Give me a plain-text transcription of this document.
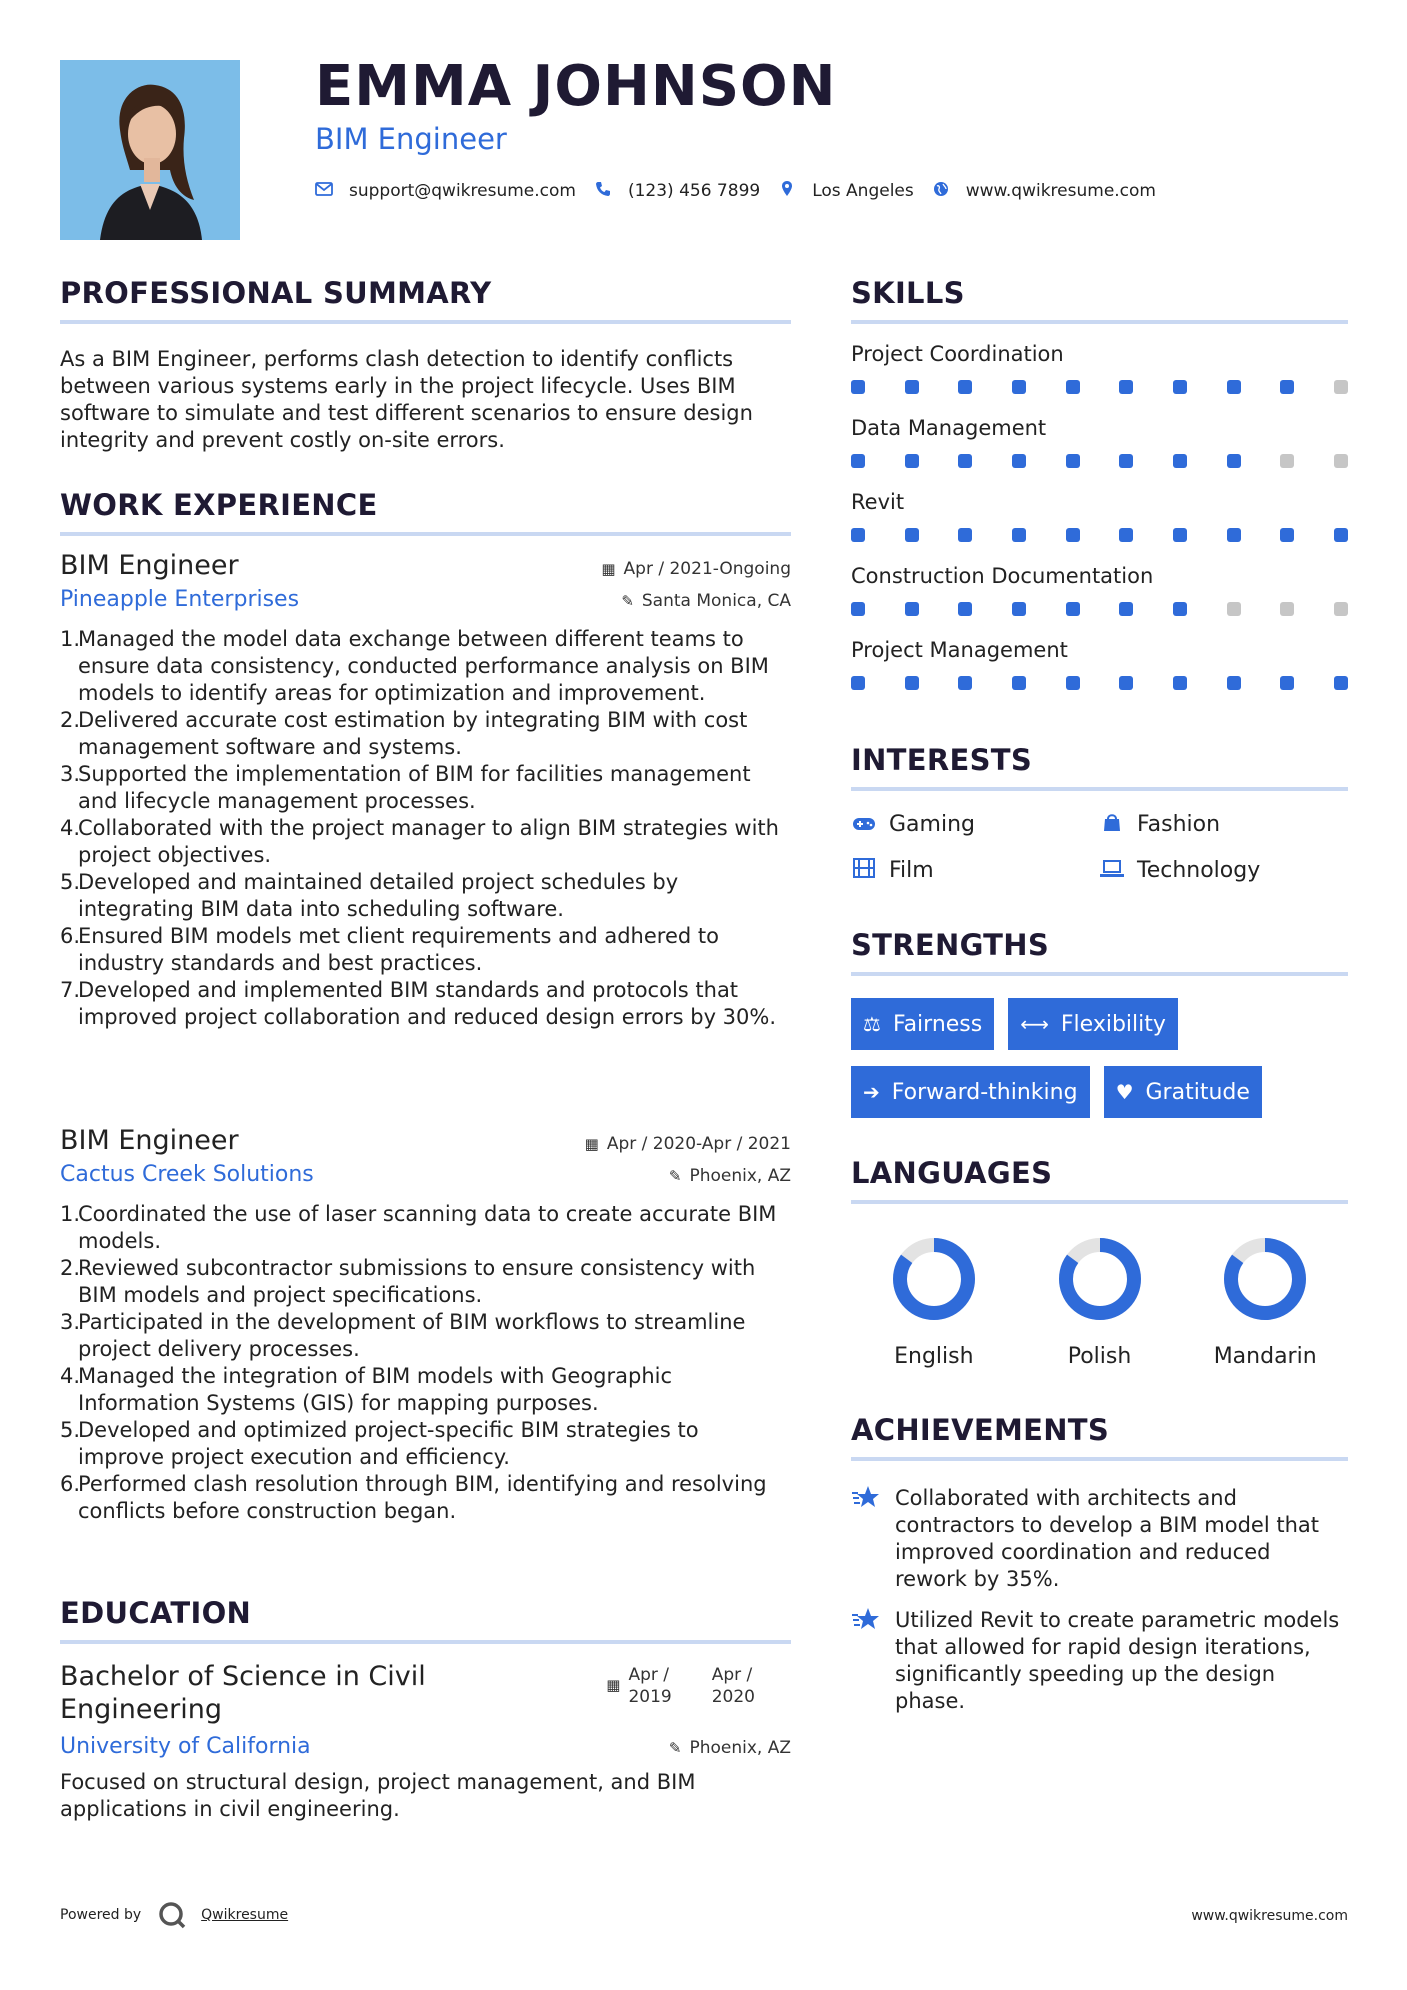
EMMA JOHNSON
BIM Engineer
support@qwikresume.com	(123) 456 7899	Los Angeles	www.qwikresume.com
PROFESSIONAL SUMMARY
As a BIM Engineer, performs clash detection to identify conflicts between various systems early in the project lifecycle. Uses BIM software to simulate and test different scenarios to ensure design integrity and prevent costly on-site errors.
WORK EXPERIENCE
BIM Engineer	▦ Apr / 2021-Ongoing
Pineapple Enterprises	✎ Santa Monica, CA
1.
Managed the model data exchange between different teams to ensure data consistency, conducted performance analysis on BIM models to identify areas for optimization and improvement.
2.
Delivered accurate cost estimation by integrating BIM with cost management software and systems.
3.
Supported the implementation of BIM for facilities management and lifecycle management processes.
4.
Collaborated with the project manager to align BIM strategies with project objectives.
5.
Developed and maintained detailed project schedules by integrating BIM data into scheduling software.
6.
Ensured BIM models met client requirements and adhered to industry standards and best practices.
7.
Developed and implemented BIM standards and protocols that improved project collaboration and reduced design errors by 30%.
BIM Engineer	▦ Apr / 2020-Apr / 2021
Cactus Creek Solutions	✎ Phoenix, AZ
1.
Coordinated the use of laser scanning data to create accurate BIM models.
2.
Reviewed subcontractor submissions to ensure consistency with BIM models and project specifications.
3.
Participated in the development of BIM workflows to streamline project delivery processes.
4.
Managed the integration of BIM models with Geographic Information Systems (GIS) for mapping purposes.
5.
Developed and optimized project-specific BIM strategies to improve project execution and efficiency.
6.
Performed clash resolution through BIM, identifying and resolving conflicts before construction began.
EDUCATION
Bachelor of Science in Civil
Engineering
▦ Apr /
2019
Apr /
2020
University of California	✎ Phoenix, AZ
Focused on structural design, project management, and BIM applications in civil engineering.
SKILLS
Project Coordination
Data Management
Revit
Construction Documentation
Project Management
INTERESTS
Gaming	Fashion
Film	Technology
STRENGTHS
⚖ Fairness ⟷ Flexibility
➔ Forward-thinking ♥ Gratitude
LANGUAGES
English	Polish	Mandarin
ACHIEVEMENTS
Collaborated with architects and contractors to develop a BIM model that improved coordination and reduced rework by 35%.
Utilized Revit to create parametric models that allowed for rapid design iterations, significantly speeding up the design phase.
Powered by	Qwikresume	www.qwikresume.com
